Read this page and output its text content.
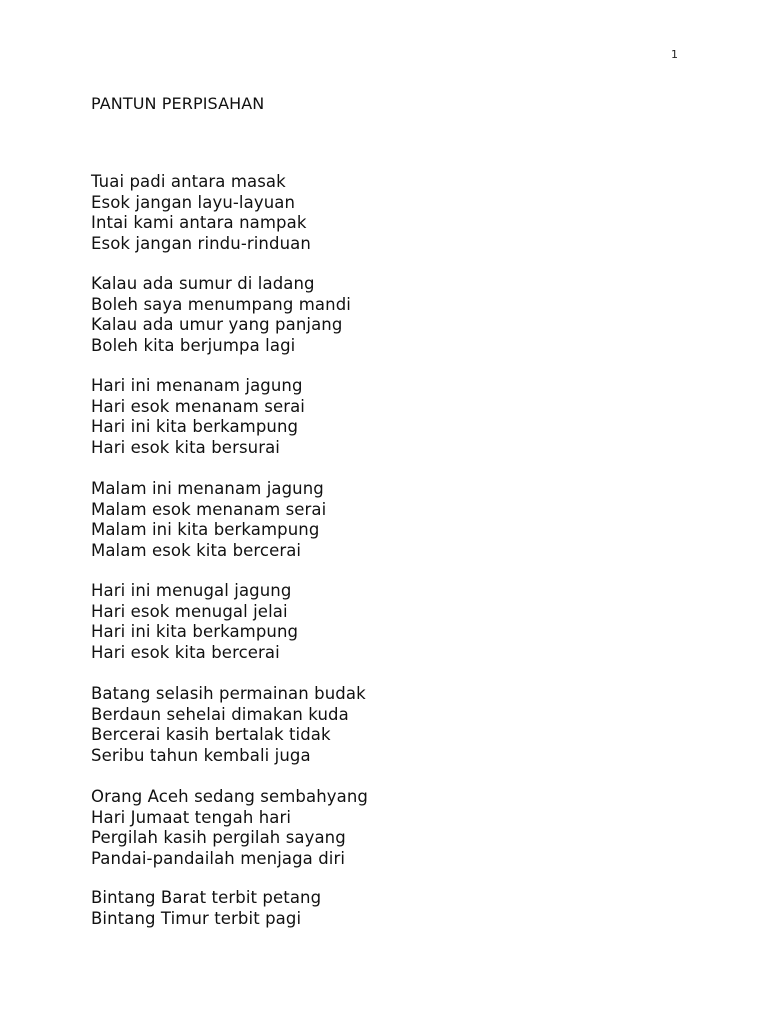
1
PANTUN PERPISAHAN
Tuai padi antara masak
Esok jangan layu-layuan
Intai kami antara nampak
Esok jangan rindu-rinduan
Kalau ada sumur di ladang
Boleh saya menumpang mandi
Kalau ada umur yang panjang
Boleh kita berjumpa lagi
Hari ini menanam jagung
Hari esok menanam serai
Hari ini kita berkampung
Hari esok kita bersurai
Malam ini menanam jagung
Malam esok menanam serai
Malam ini kita berkampung
Malam esok kita bercerai
Hari ini menugal jagung
Hari esok menugal jelai
Hari ini kita berkampung
Hari esok kita bercerai
Batang selasih permainan budak
Berdaun sehelai dimakan kuda
Bercerai kasih bertalak tidak
Seribu tahun kembali juga
Orang Aceh sedang sembahyang
Hari Jumaat tengah hari
Pergilah kasih pergilah sayang
Pandai-pandailah menjaga diri
Bintang Barat terbit petang
Bintang Timur terbit pagi
